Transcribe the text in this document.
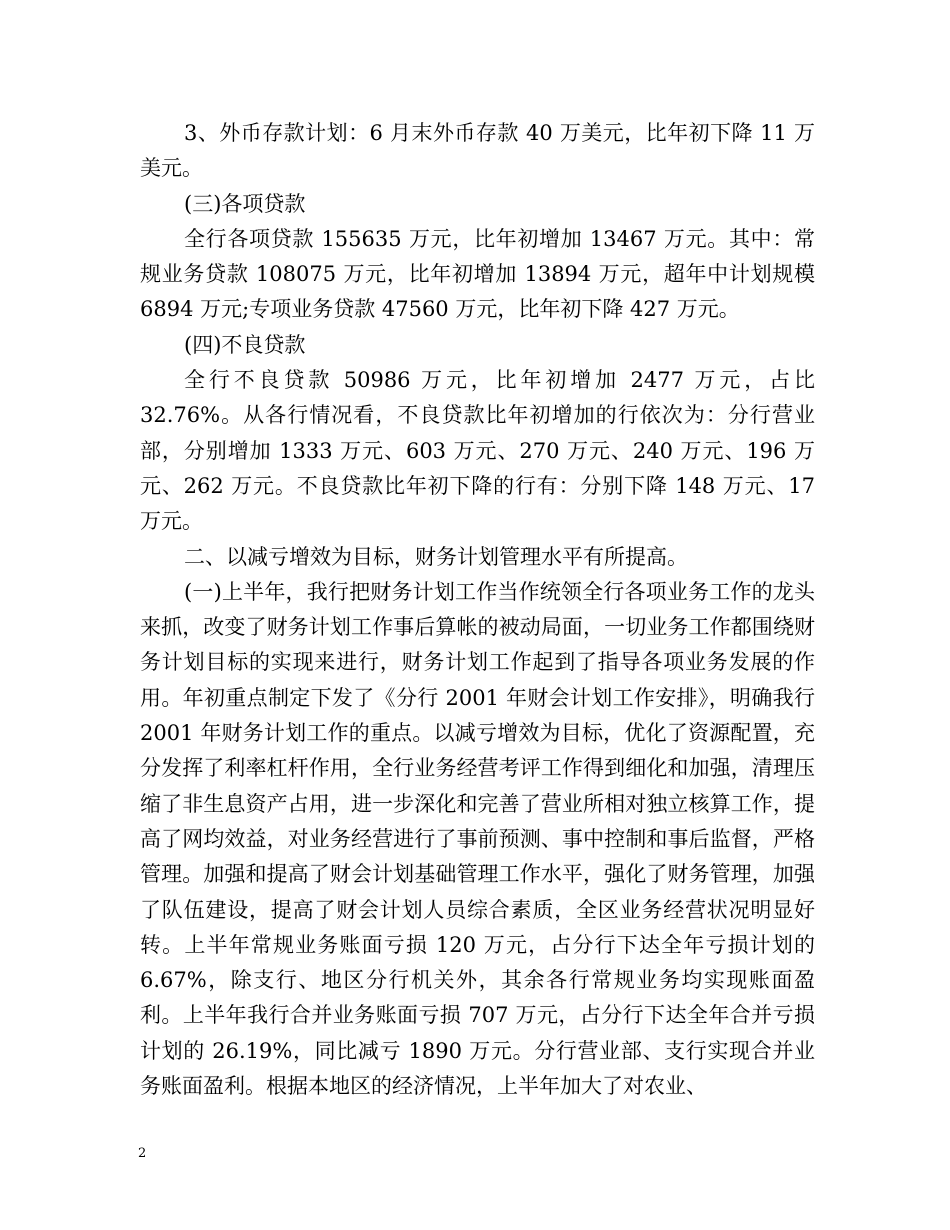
3、外币存款计划：6 月末外币存款 40 万美元，比年初下降 11 万美元。

(三)各项贷款

全行各项贷款 155635 万元，比年初增加 13467 万元。其中：常规业务贷款 108075 万元，比年初增加 13894 万元，超年中计划规模 6894 万元;专项业务贷款 47560 万元，比年初下降 427 万元。

(四)不良贷款

全行不良贷款 50986 万元，比年初增加 2477 万元，占比 32.76%。从各行情况看，不良贷款比年初增加的行依次为：分行营业部，分别增加 1333 万元、603 万元、270 万元、240 万元、196 万元、262 万元。不良贷款比年初下降的行有：分别下降 148 万元、17 万元。

二、以减亏增效为目标，财务计划管理水平有所提高。

(一)上半年，我行把财务计划工作当作统领全行各项业务工作的龙头来抓，改变了财务计划工作事后算帐的被动局面，一切业务工作都围绕财务计划目标的实现来进行，财务计划工作起到了指导各项业务发展的作用。年初重点制定下发了《分行 2001 年财会计划工作安排》，明确我行 2001 年财务计划工作的重点。以减亏增效为目标，优化了资源配置，充分发挥了利率杠杆作用，全行业务经营考评工作得到细化和加强，清理压缩了非生息资产占用，进一步深化和完善了营业所相对独立核算工作，提高了网均效益，对业务经营进行了事前预测、事中控制和事后监督，严格管理。加强和提高了财会计划基础管理工作水平，强化了财务管理，加强了队伍建设，提高了财会计划人员综合素质，全区业务经营状况明显好转。上半年常规业务账面亏损 120 万元，占分行下达全年亏损计划的 6.67%，除支行、地区分行机关外，其余各行常规业务均实现账面盈利。上半年我行合并业务账面亏损 707 万元，占分行下达全年合并亏损计划的 26.19%，同比减亏 1890 万元。分行营业部、支行实现合并业务账面盈利。根据本地区的经济情况，上半年加大了对农业、

2
